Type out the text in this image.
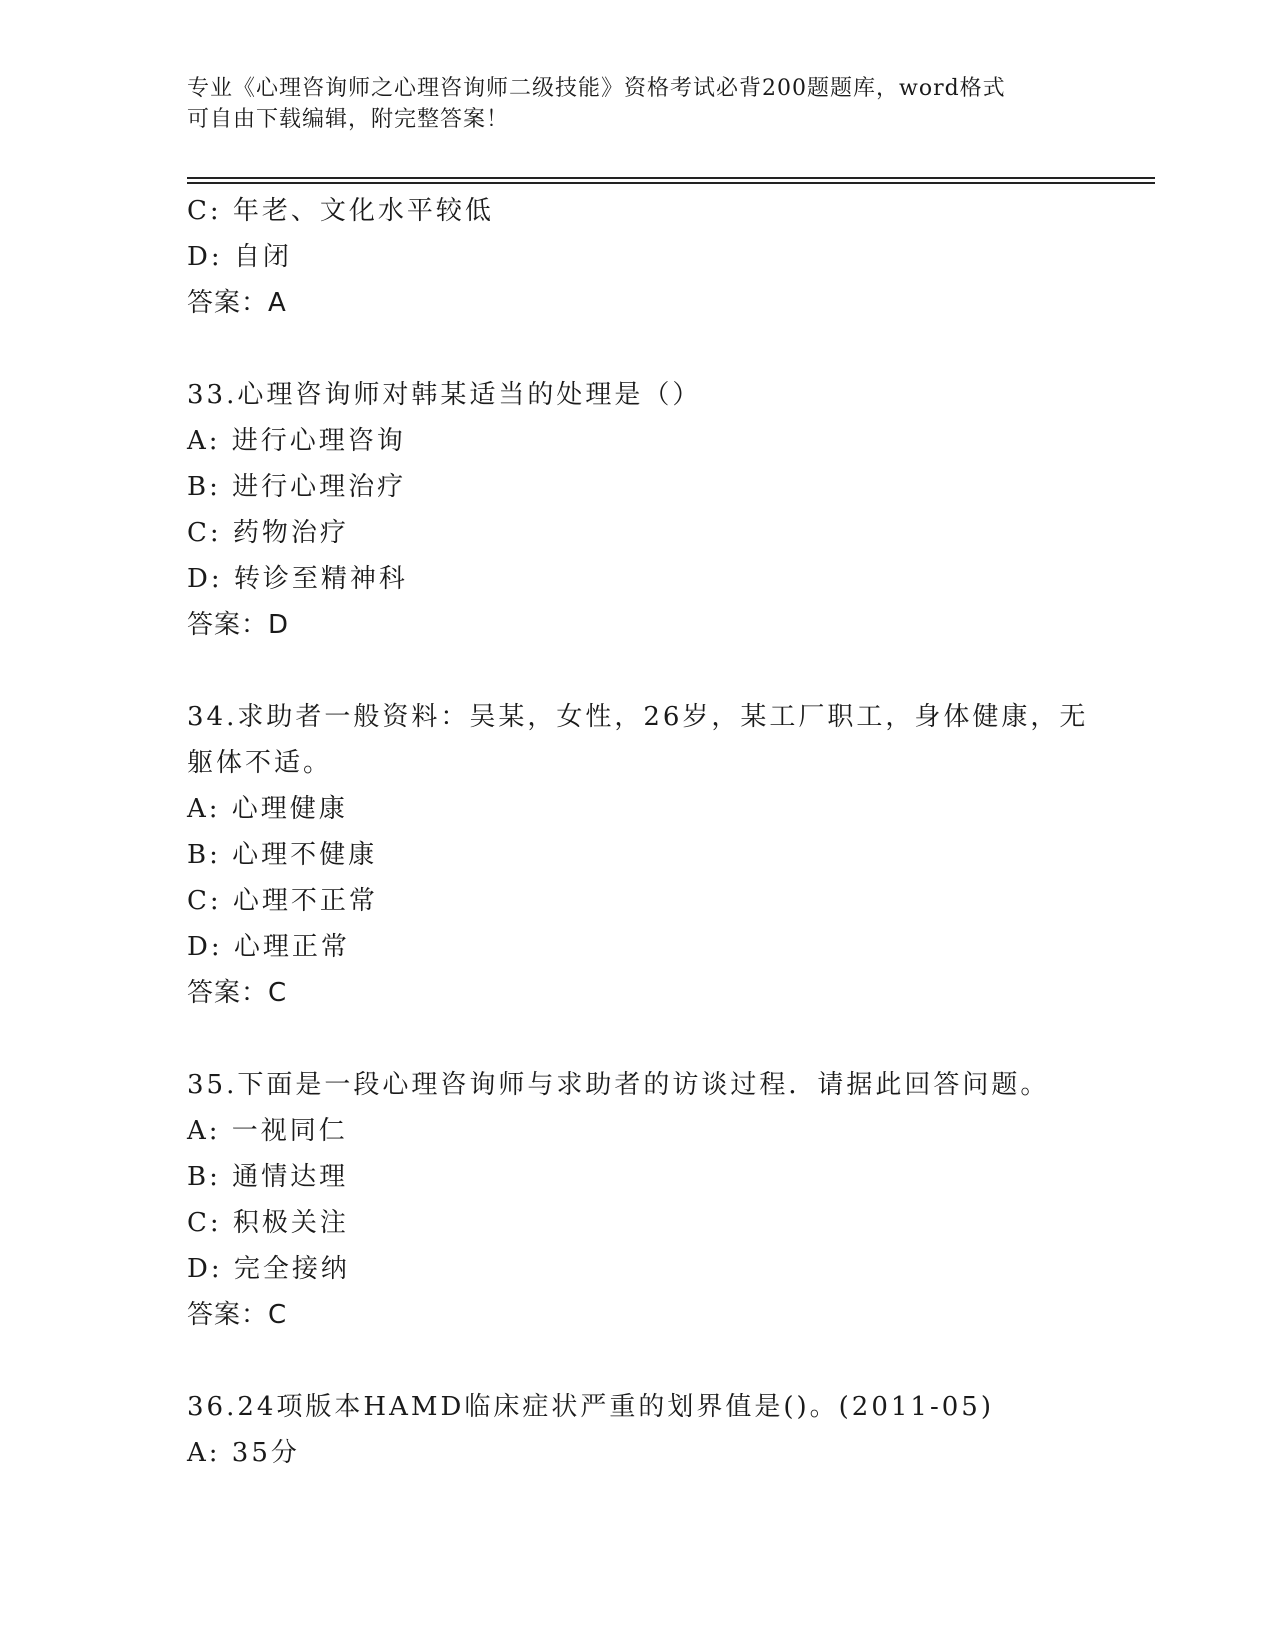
专业《心理咨询师之心理咨询师二级技能》资格考试必背200题题库，word格式
可自由下载编辑，附完整答案！
C: 年老、文化水平较低
D: 自闭
答案：A
33.心理咨询师对韩某适当的处理是（）
A: 进行心理咨询
B: 进行心理治疗
C: 药物治疗
D: 转诊至精神科
答案：D
34.求助者一般资料：吴某，女性，26岁，某工厂职工，身体健康，无
躯体不适。
A: 心理健康
B: 心理不健康
C: 心理不正常
D: 心理正常
答案：C
35.下面是一段心理咨询师与求助者的访谈过程．请据此回答问题。
A: 一视同仁
B: 通情达理
C: 积极关注
D: 完全接纳
答案：C
36.24项版本HAMD临床症状严重的划界值是()。(2011-05)
A: 35分
